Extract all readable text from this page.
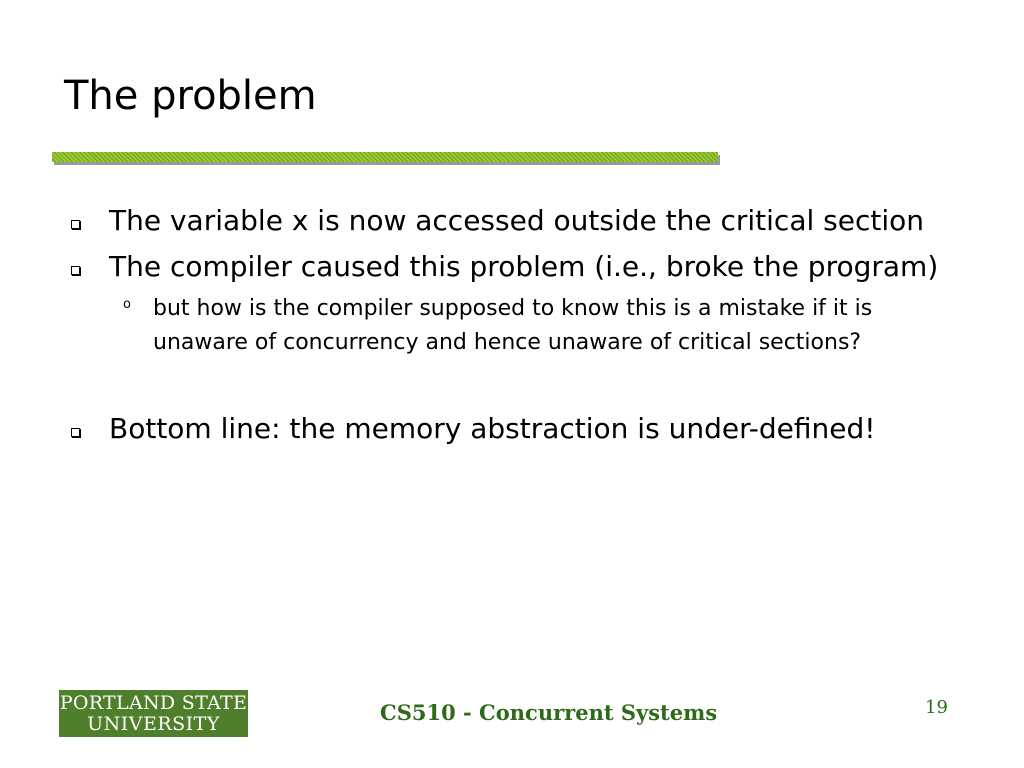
The problem
The variable x is now accessed outside the critical section
The compiler caused this problem (i.e., broke the program)
o but how is the compiler supposed to know this is a mistake if it is unaware of concurrency and hence unaware of critical sections?
Bottom line: the memory abstraction is under-defined!
PORTLAND STATE
UNIVERSITY	CS510 - Concurrent Systems	19
